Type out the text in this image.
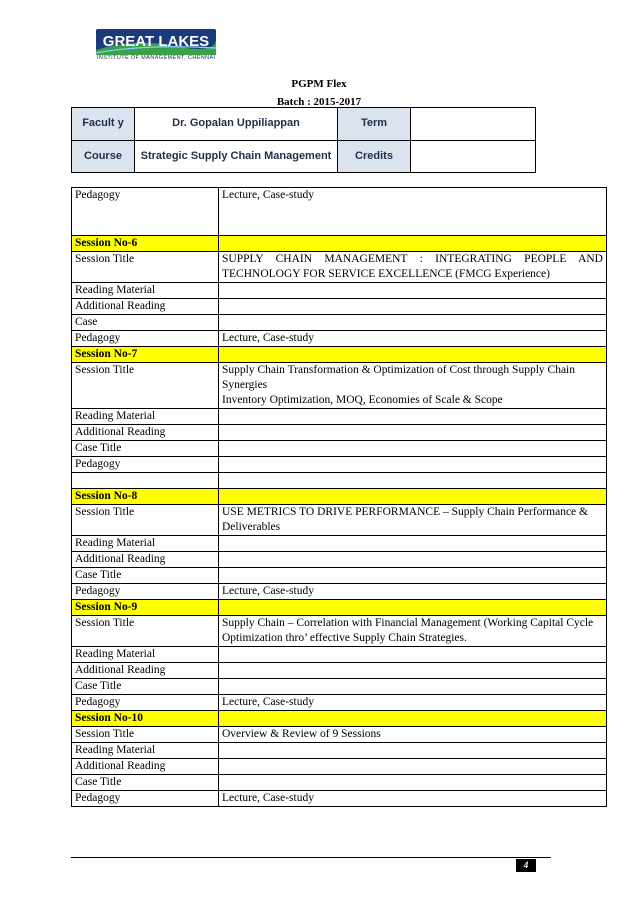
GREAT LAKES
INSTITUTE OF MANAGEMENT, CHENNAI
PGPM Flex
Batch : 2015-2017
Facult y	Dr. Gopalan Uppiliappan	Term	
Course	Strategic Supply Chain Management	Credits	
Pedagogy	Lecture, Case-study
Session No-6	
Session Title	SUPPLY CHAIN MANAGEMENT : INTEGRATING PEOPLE AND TECHNOLOGY FOR SERVICE EXCELLENCE (FMCG Experience)
Reading Material	
Additional Reading	
Case	
Pedagogy	Lecture, Case-study
Session No-7	
Session Title	Supply Chain Transformation & Optimization of Cost through Supply Chain Synergies
Inventory Optimization, MOQ, Economies of Scale & Scope
Reading Material	
Additional Reading	
Case Title	
Pedagogy	

Session No-8	
Session Title	USE METRICS TO DRIVE PERFORMANCE – Supply Chain Performance & Deliverables
Reading Material	
Additional Reading	
Case Title	
Pedagogy	Lecture, Case-study
Session No-9	
Session Title	Supply Chain – Correlation with Financial Management (Working Capital Cycle Optimization thro’ effective Supply Chain Strategies.
Reading Material	
Additional Reading	
Case Title	
Pedagogy	Lecture, Case-study
Session No-10	
Session Title	Overview & Review of 9 Sessions
Reading Material	
Additional Reading	
Case Title	
Pedagogy	Lecture, Case-study
4
